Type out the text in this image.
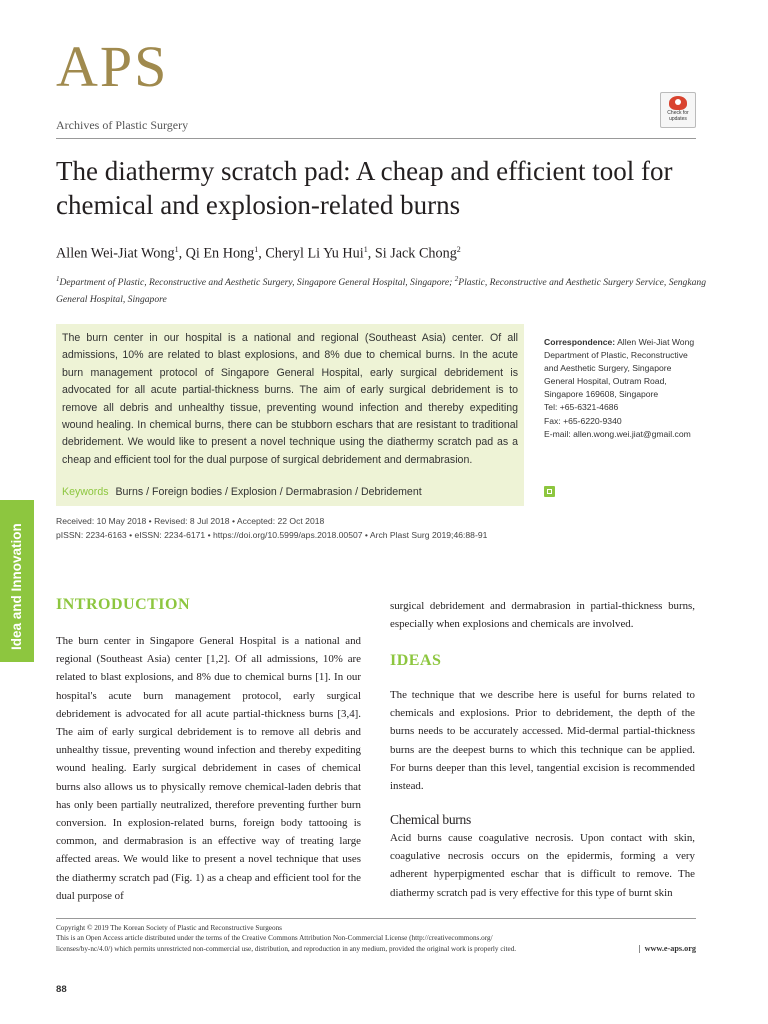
APS
Archives of Plastic Surgery
Check for updates
The diathermy scratch pad: A cheap and efficient tool for chemical and explosion-related burns
Allen Wei-Jiat Wong$^1$, Qi En Hong$^1$, Cheryl Li Yu Hui$^1$, Si Jack Chong$^2$
$^1$Department of Plastic, Reconstructive and Aesthetic Surgery, Singapore General Hospital, Singapore; $^2$Plastic, Reconstructive and Aesthetic Surgery Service, Sengkang General Hospital, Singapore
The burn center in our hospital is a national and regional (Southeast Asia) center. Of all admissions, 10% are related to blast explosions, and 8% due to chemical burns. In the acute burn management protocol of Singapore General Hospital, early surgical debridement is advocated for all acute partial-thickness burns. The aim of early surgical debridement is to remove all debris and unhealthy tissue, preventing wound infection and thereby expediting wound healing. In chemical burns, there can be stubborn eschars that are resistant to traditional debridement. We would like to present a novel technique using the diathermy scratch pad as a cheap and efficient tool for the dual purpose of surgical debridement and dermabrasion.
Keywords Burns / Foreign bodies / Explosion / Dermabrasion / Debridement
Correspondence: Allen Wei-Jiat Wong
Department of Plastic, Reconstructive
and Aesthetic Surgery, Singapore
General Hospital, Outram Road,
Singapore 169608, Singapore
Tel: +65-6321-4686
Fax: +65-6220-9340
E-mail: allen.wong.wei.jiat@gmail.com
Received: 10 May 2018 • Revised: 8 Jul 2018 • Accepted: 22 Oct 2018
pISSN: 2234-6163 • eISSN: 2234-6171 • https://doi.org/10.5999/aps.2018.00507 • Arch Plast Surg 2019;46:88-91
Idea and Innovation INTRODUCTION
The burn center in Singapore General Hospital is a national and regional (Southeast Asia) center [1,2]. Of all admissions, 10% are related to blast explosions, and 8% due to chemical burns [1]. In our hospital's acute burn management protocol, early surgical debridement is advocated for all acute partial-thickness burns [3,4]. The aim of early surgical debridement is to remove all debris and unhealthy tissue, preventing wound infection and thereby expediting wound healing. Early surgical debridement in cases of chemical burns also allows us to physically remove chemical-laden debris that has only been partially neutralized, therefore preventing further burn conversion. In explosion-related burns, foreign body tattooing is common, and dermabrasion is an effective way of treating large affected areas. We would like to present a novel technique that uses the diathermy scratch pad (Fig. 1) as a cheap and efficient tool for the dual purpose of
surgical debridement and dermabrasion in partial-thickness burns, especially when explosions and chemicals are involved.
IDEAS
The technique that we describe here is useful for burns related to chemicals and explosions. Prior to debridement, the depth of the burns needs to be accurately accessed. Mid-dermal partial-thickness burns are the deepest burns to which this technique can be applied. For burns deeper than this level, tangential excision is recommended instead.
Chemical burns
Acid burns cause coagulative necrosis. Upon contact with skin, coagulative necrosis occurs on the epidermis, forming a very adherent hyperpigmented eschar that is difficult to remove. The diathermy scratch pad is very effective for this type of burnt skin
Copyright © 2019 The Korean Society of Plastic and Reconstructive Surgeons
This is an Open Access article distributed under the terms of the Creative Commons Attribution Non-Commercial License (http://creativecommons.org/
licenses/by-nc/4.0/) which permits unrestricted non-commercial use, distribution, and reproduction in any medium, provided the original work is properly cited.	|  www.e-aps.org
88
